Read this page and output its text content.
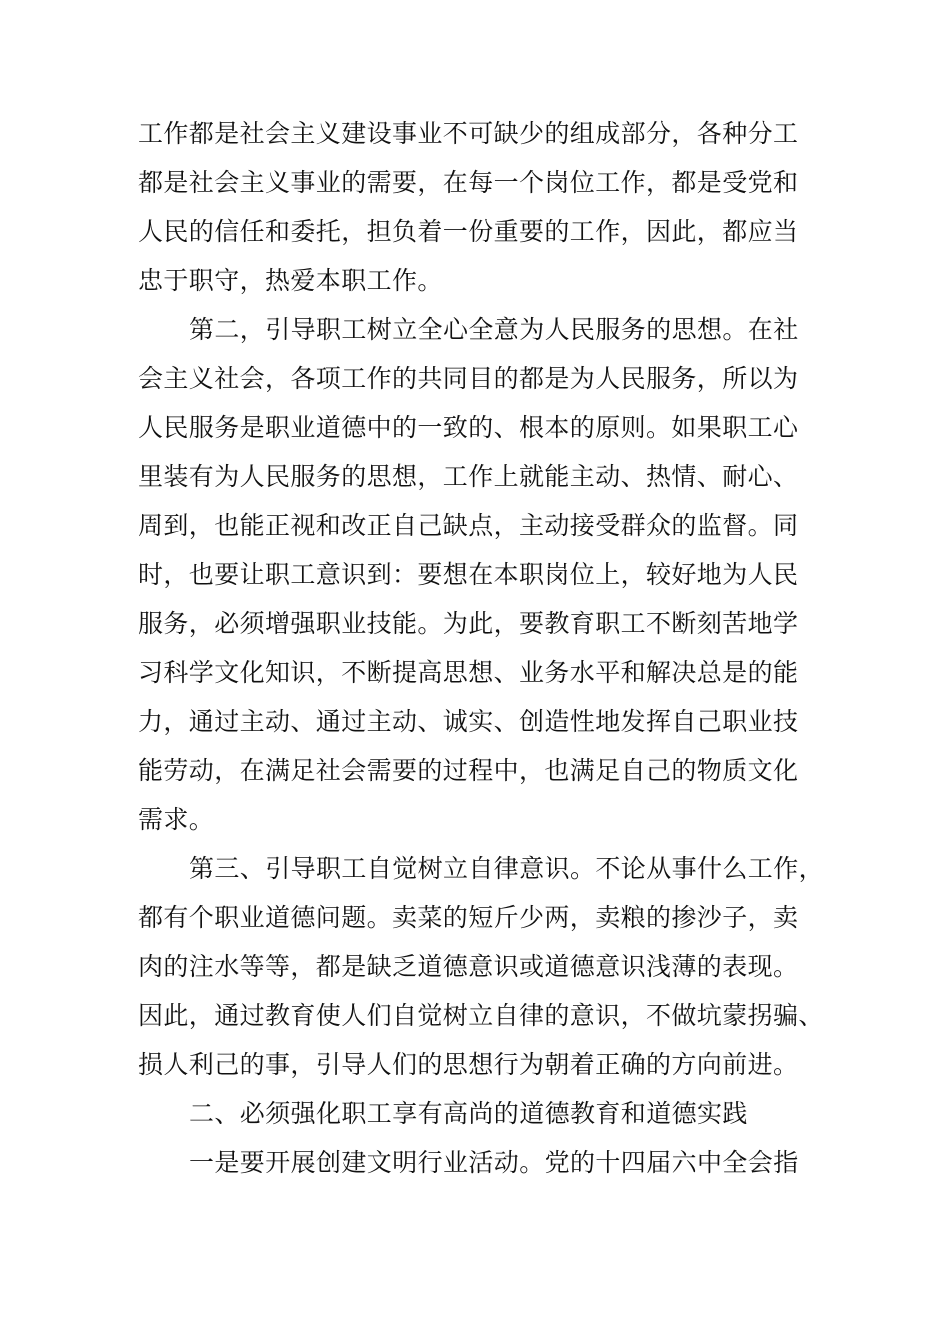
工作都是社会主义建设事业不可缺少的组成部分，各种分工
都是社会主义事业的需要，在每一个岗位工作，都是受党和
人民的信任和委托，担负着一份重要的工作，因此，都应当
忠于职守，热爱本职工作。
第二，引导职工树立全心全意为人民服务的思想。在社
会主义社会，各项工作的共同目的都是为人民服务，所以为
人民服务是职业道德中的一致的、根本的原则。如果职工心
里装有为人民服务的思想，工作上就能主动、热情、耐心、
周到，也能正视和改正自己缺点，主动接受群众的监督。同
时，也要让职工意识到：要想在本职岗位上，较好地为人民
服务，必须增强职业技能。为此，要教育职工不断刻苦地学
习科学文化知识，不断提高思想、业务水平和解决总是的能
力，通过主动、通过主动、诚实、创造性地发挥自己职业技
能劳动，在满足社会需要的过程中，也满足自己的物质文化
需求。
第三、引导职工自觉树立自律意识。不论从事什么工作，
都有个职业道德问题。卖菜的短斤少两，卖粮的掺沙子，卖
肉的注水等等，都是缺乏道德意识或道德意识浅薄的表现。
因此，通过教育使人们自觉树立自律的意识，不做坑蒙拐骗、
损人利己的事，引导人们的思想行为朝着正确的方向前进。
二、必须强化职工享有高尚的道德教育和道德实践
一是要开展创建文明行业活动。党的十四届六中全会指
